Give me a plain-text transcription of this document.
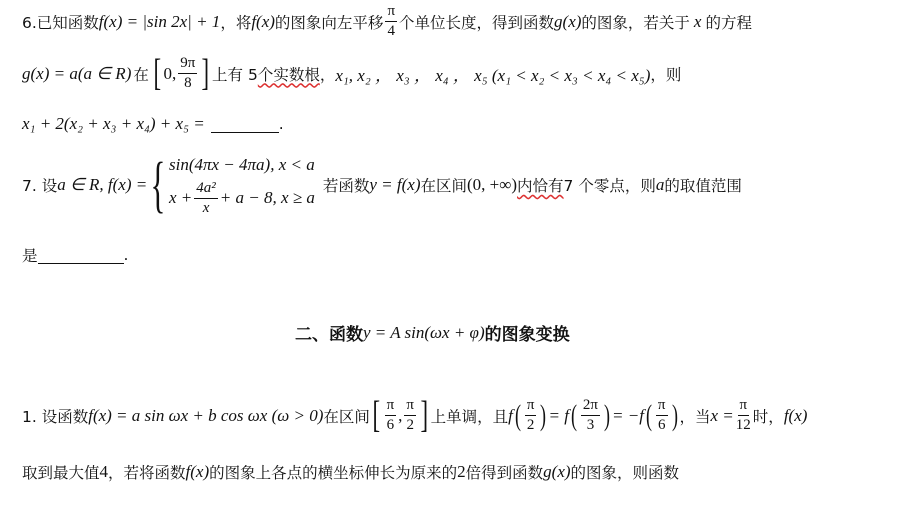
6.已知函数 f(x) = |sin 2x| + 1 ，将 f(x) 的图象向左平移 $\frac{\pi}{4}$ 个单位长度，得到函数 g(x) 的图象，若关于 x 的方程
g(x) = a(a ∈ R) 在 [ 0, $\frac{9\pi}{8}$ ] 上有 5 个实数根 ， x₁, x₂ ， x₃ ， x₄ ， x₅ (x₁ < x₂ < x₃ < x₄ < x₅) ，则
x₁ + 2(x₂ + x₃ + x₄) + x₅ =	.
7. 设 a ∈ R, f(x) = { sin(4πx − 4πa), x < a
$x + \frac{\text{4a²}}{x} + a - 8$, x ≥ a
若函数 y = f(x) 在区间 (0, +∞) 内恰有 7 个零点，则 a 的取值范围
是	.
二、函数 y = A sin(ωx + φ) 的图象变换
1. 设函数 f(x) = a sin ωx + b cos ωx (ω > 0) 在区间 [ $\frac{\pi}{6}$ , $\frac{\pi}{2}$ ] 上单调，且 f ( $\frac{\pi}{2}$ ) = f ( $\frac{2\pi}{3}$ ) = −f ( $\frac{\pi}{6}$ ) ，当 $x = \frac{\pi}{12}$ 时， f(x)
取到最大值 4 ，若将函数 f(x) 的图象上各点的横坐标伸长为原来的 2 倍得到函数 g(x) 的图象，则函数
